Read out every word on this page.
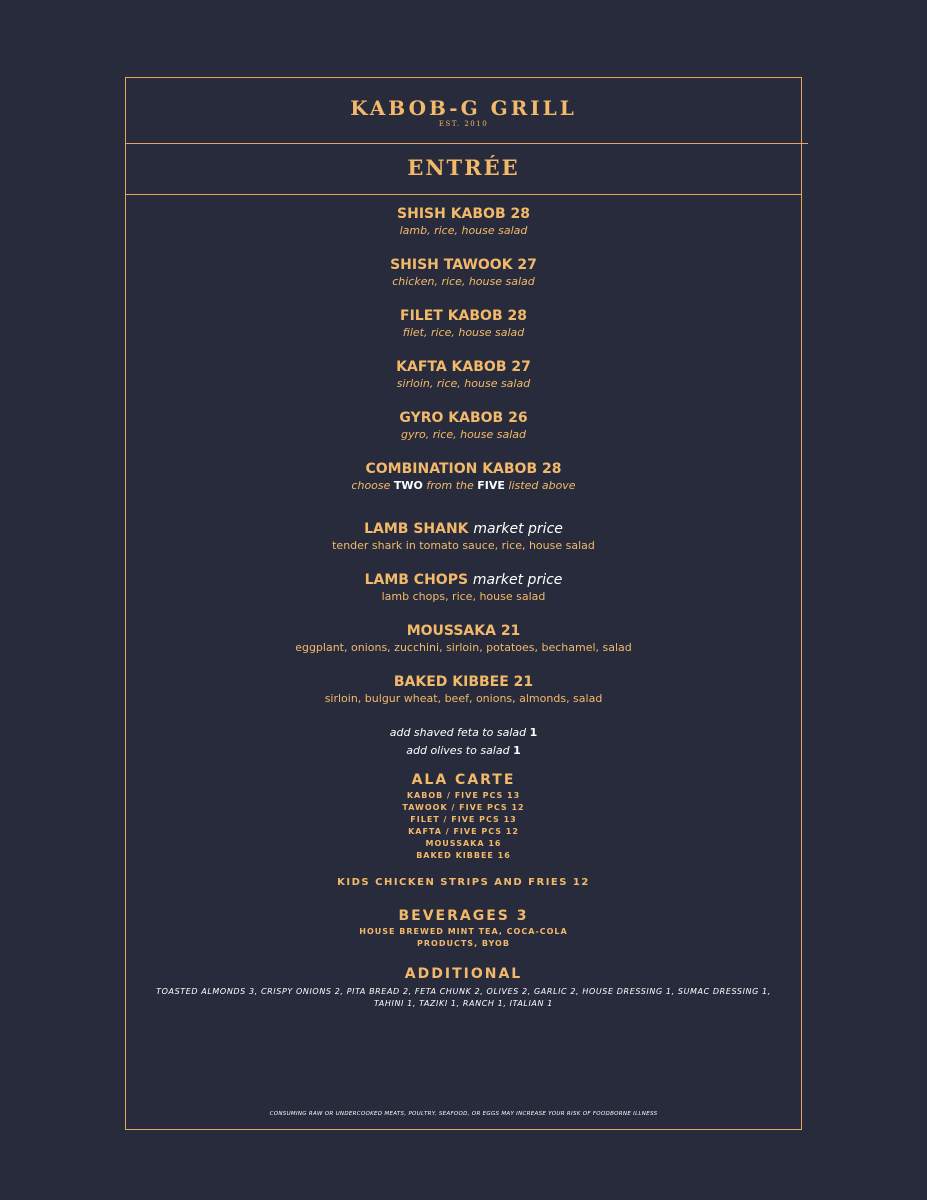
KABOB-G GRILL
EST. 2010
ENTRÉE
SHISH KABOB 28
lamb, rice, house salad
SHISH TAWOOK 27
chicken, rice, house salad
FILET KABOB 28
filet, rice, house salad
KAFTA KABOB 27
sirloin, rice, house salad
GYRO KABOB 26
gyro, rice, house salad
COMBINATION KABOB 28
choose TWO from the FIVE listed above
LAMB SHANK market price
tender shark in tomato sauce, rice, house salad
LAMB CHOPS market price
lamb chops, rice, house salad
MOUSSAKA 21
eggplant, onions, zucchini, sirloin, potatoes, bechamel, salad
BAKED KIBBEE 21
sirloin, bulgur wheat, beef, onions, almonds, salad
add shaved feta to salad 1
add olives to salad 1
ALA CARTE
KABOB / FIVE PCS 13
TAWOOK / FIVE PCS 12
FILET / FIVE PCS 13
KAFTA / FIVE PCS 12
MOUSSAKA 16
BAKED KIBBEE 16
KIDS CHICKEN STRIPS AND FRIES 12
BEVERAGES 3
HOUSE BREWED MINT TEA, COCA-COLA
PRODUCTS, BYOB
ADDITIONAL
TOASTED ALMONDS 3, CRISPY ONIONS 2, PITA BREAD 2, FETA CHUNK 2, OLIVES 2, GARLIC 2, HOUSE DRESSING 1, SUMAC DRESSING 1,
TAHINI 1, TAZIKI 1, RANCH 1, ITALIAN 1
CONSUMING RAW OR UNDERCOOKED MEATS, POULTRY, SEAFOOD, OR EGGS MAY INCREASE YOUR RISK OF FOODBORNE ILLNESS
